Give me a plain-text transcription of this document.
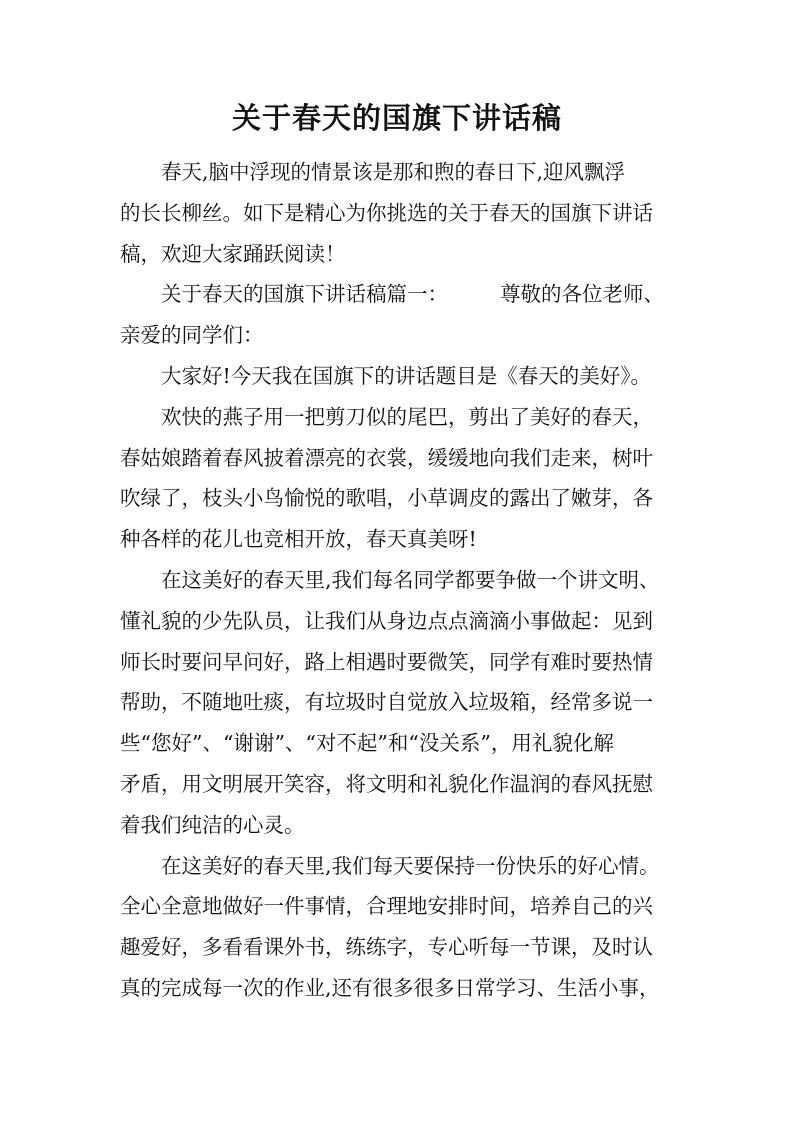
关于春天的国旗下讲话稿

春天,脑中浮现的情景该是那和煦的春日下,迎风飘浮
的长长柳丝。如下是精心为你挑选的关于春天的国旗下讲话
稿，欢迎大家踊跃阅读！

关于春天的国旗下讲话稿篇一：	尊敬的各位老师、
亲爱的同学们：

大家好!今天我在国旗下的讲话题目是《春天的美好》。

欢快的燕子用一把剪刀似的尾巴，剪出了美好的春天，
春姑娘踏着春风披着漂亮的衣裳，缓缓地向我们走来，树叶
吹绿了，枝头小鸟愉悦的歌唱，小草调皮的露出了嫩芽，各
种各样的花儿也竞相开放，春天真美呀!

在这美好的春天里,我们每名同学都要争做一个讲文明、
懂礼貌的少先队员，让我们从身边点点滴滴小事做起：见到
师长时要问早问好，路上相遇时要微笑，同学有难时要热情
帮助，不随地吐痰，有垃圾时自觉放入垃圾箱，经常多说一
些“您好”、“谢谢”、“对不起”和“没关系”，用礼貌化解
矛盾，用文明展开笑容，将文明和礼貌化作温润的春风抚慰
着我们纯洁的心灵。

在这美好的春天里,我们每天要保持一份快乐的好心情。
全心全意地做好一件事情，合理地安排时间，培养自己的兴
趣爱好，多看看课外书，练练字，专心听每一节课，及时认
真的完成每一次的作业,还有很多很多日常学习、生活小事，
